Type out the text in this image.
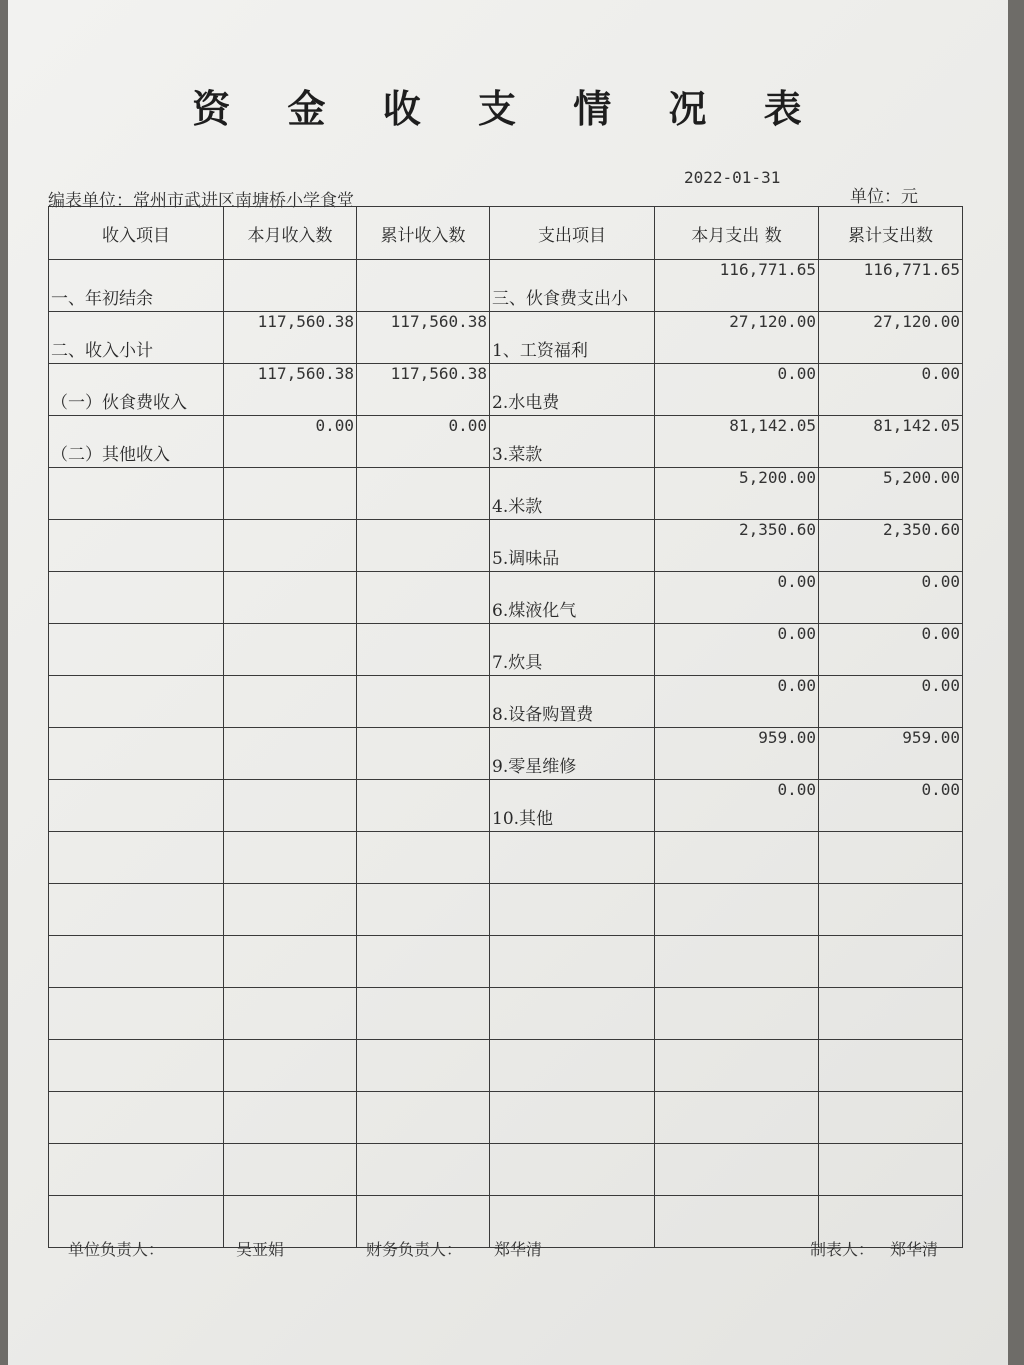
资 金 收 支 情 况 表
编表单位：常州市武进区南塘桥小学食堂
2022-01-31
单位：元
收入项目	本月收入数	累计收入数	支出项目	本月支出 数	累计支出数

一、年初结余			三、伙食费支出小	116,771.65	116,771.65

二、收入小计	117,560.38	117,560.38	1、工资福利	27,120.00	27,120.00

（一）伙食费收入	117,560.38	117,560.38	2.水电费	0.00	0.00

（二）其他收入	0.00	0.00	3.菜款	81,142.05	81,142.05

			4.米款	5,200.00	5,200.00

			5.调味品	2,350.60	2,350.60

			6.煤液化气	0.00	0.00

			7.炊具	0.00	0.00

			8.设备购置费	0.00	0.00

			9.零星维修	959.00	959.00

			10.其他	0.00	0.00

单位负责人：	吴亚娟	财务负责人： 郑华清	制表人： 郑华清
